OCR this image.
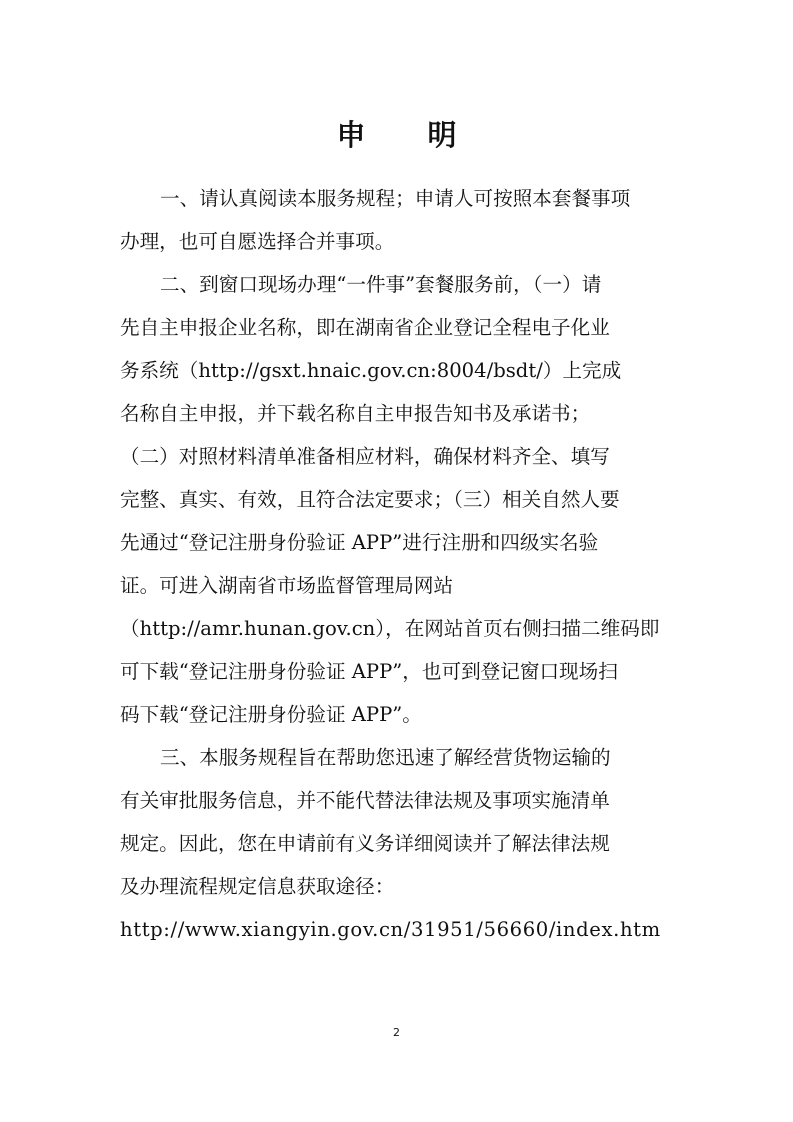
申 明

一、请认真阅读本服务规程；申请人可按照本套餐事项

办理，也可自愿选择合并事项。

二、到窗口现场办理“一件事”套餐服务前，（一）请

先自主申报企业名称，即在湖南省企业登记全程电子化业

务系统（http://gsxt.hnaic.gov.cn:8004/bsdt/）上完成

名称自主申报，并下载名称自主申报告知书及承诺书；

（二）对照材料清单准备相应材料，确保材料齐全、填写

完整、真实、有效，且符合法定要求；（三）相关自然人要

先通过“登记注册身份验证 APP”进行注册和四级实名验

证。可进入湖南省市场监督管理局网站

（http://amr.hunan.gov.cn），在网站首页右侧扫描二维码即

可下载“登记注册身份验证 APP”，也可到登记窗口现场扫

码下载“登记注册身份验证 APP”。

三、本服务规程旨在帮助您迅速了解经营货物运输的

有关审批服务信息，并不能代替法律法规及事项实施清单

规定。因此，您在申请前有义务详细阅读并了解法律法规

及办理流程规定信息获取途径：

http://www.xiangyin.gov.cn/31951/56660/index.htm

2
